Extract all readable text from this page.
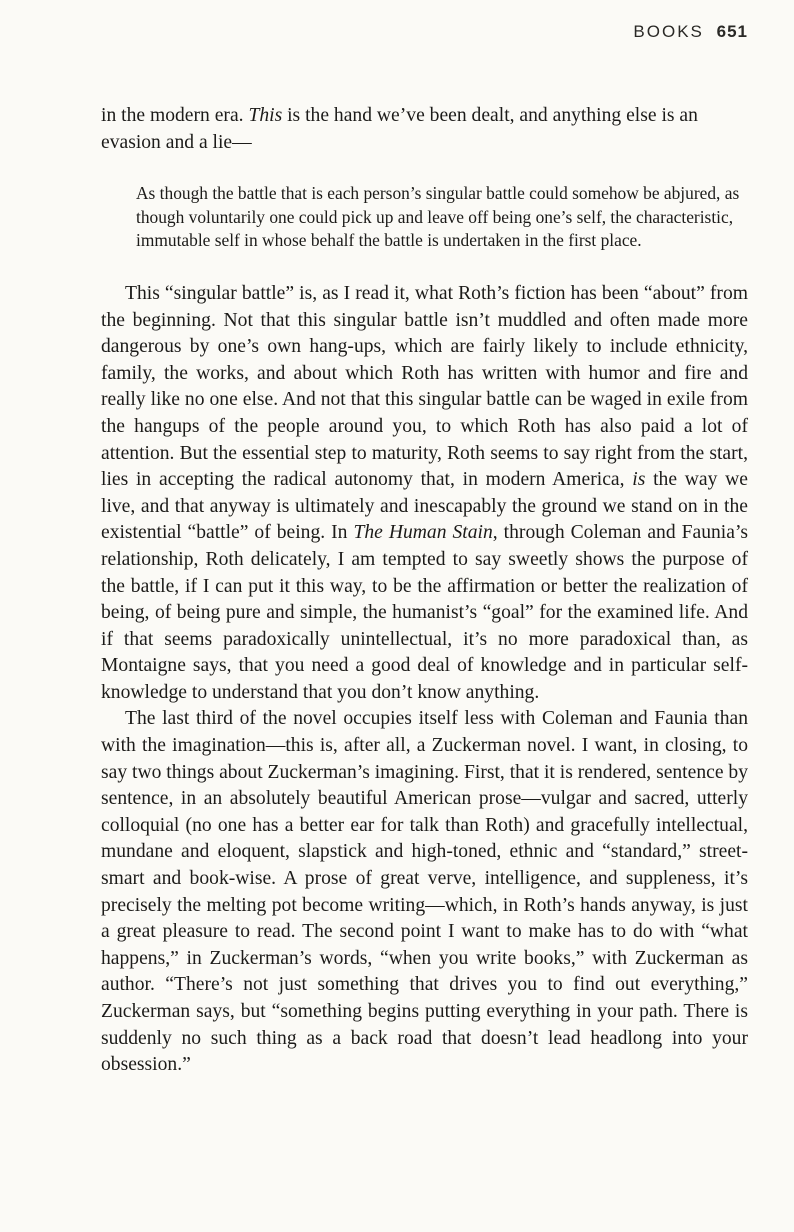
BOOKS 651

in the modern era. This is the hand we’ve been dealt, and anything else is an evasion and a lie—

As though the battle that is each person’s singular battle could somehow be abjured, as though voluntarily one could pick up and leave off being one’s self, the characteristic, immutable self in whose behalf the battle is undertaken in the first place.

This “singular battle” is, as I read it, what Roth’s fiction has been “about” from the beginning. Not that this singular battle isn’t muddled and often made more dangerous by one’s own hang-ups, which are fairly likely to include ethnicity, family, the works, and about which Roth has written with humor and fire and really like no one else. And not that this singular battle can be waged in exile from the hangups of the people around you, to which Roth has also paid a lot of attention. But the essential step to maturity, Roth seems to say right from the start, lies in accepting the radical autonomy that, in modern America, is the way we live, and that anyway is ultimately and inescapably the ground we stand on in the existential “battle” of being. In The Human Stain, through Coleman and Faunia’s relationship, Roth delicately, I am tempted to say sweetly shows the purpose of the battle, if I can put it this way, to be the affirmation or better the realization of being, of being pure and simple, the humanist’s “goal” for the examined life. And if that seems paradoxically unintellectual, it’s no more paradoxical than, as Montaigne says, that you need a good deal of knowledge and in particular self-knowledge to understand that you don’t know anything.

The last third of the novel occupies itself less with Coleman and Faunia than with the imagination—this is, after all, a Zuckerman novel. I want, in closing, to say two things about Zuckerman’s imagining. First, that it is rendered, sentence by sentence, in an absolutely beautiful American prose—vulgar and sacred, utterly colloquial (no one has a better ear for talk than Roth) and gracefully intellectual, mundane and eloquent, slapstick and high-toned, ethnic and “standard,” street-smart and book-wise. A prose of great verve, intelligence, and suppleness, it’s precisely the melting pot become writing—which, in Roth’s hands anyway, is just a great pleasure to read. The second point I want to make has to do with “what happens,” in Zuckerman’s words, “when you write books,” with Zuckerman as author. “There’s not just something that drives you to find out everything,” Zuckerman says, but “something begins putting everything in your path. There is suddenly no such thing as a back road that doesn’t lead headlong into your obsession.”
